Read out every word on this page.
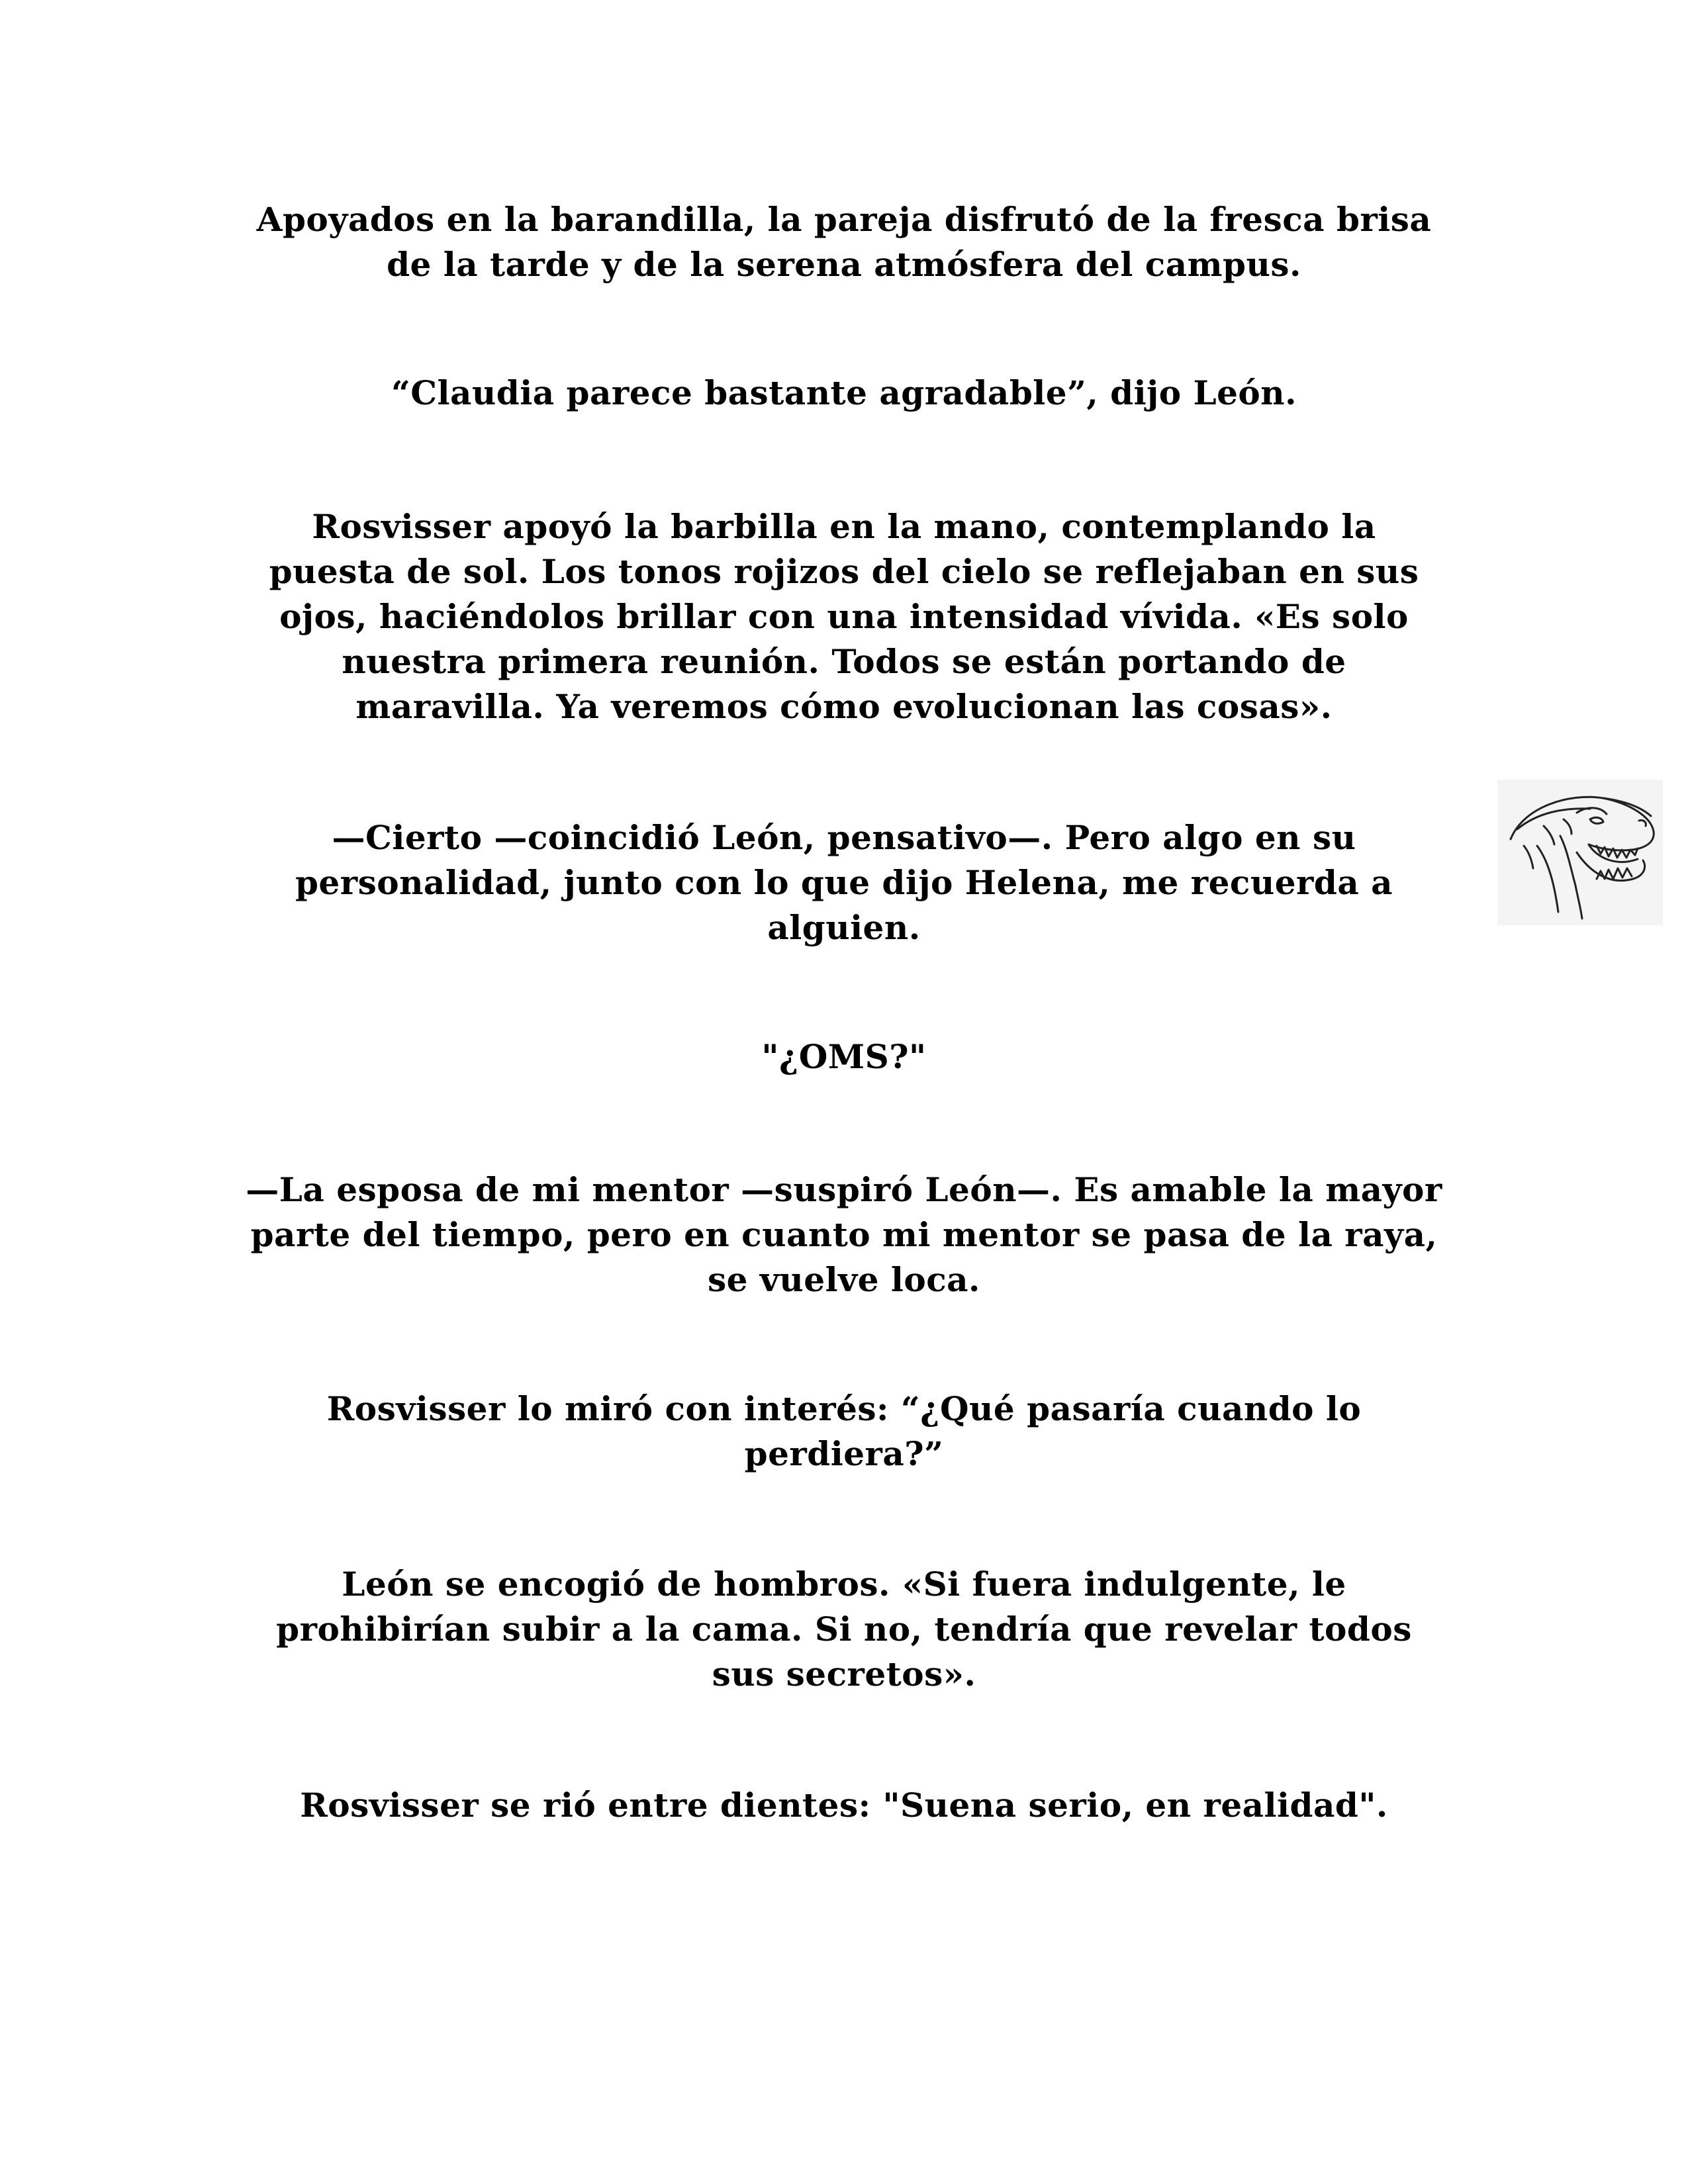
Apoyados en la barandilla, la pareja disfrutó de la fresca brisa
de la tarde y de la serena atmósfera del campus.

“Claudia parece bastante agradable”, dijo León.

Rosvisser apoyó la barbilla en la mano, contemplando la
puesta de sol. Los tonos rojizos del cielo se reflejaban en sus
ojos, haciéndolos brillar con una intensidad vívida. «Es solo
nuestra primera reunión. Todos se están portando de
maravilla. Ya veremos cómo evolucionan las cosas».

—Cierto —coincidió León, pensativo—. Pero algo en su
personalidad, junto con lo que dijo Helena, me recuerda a
alguien.

"¿OMS?"

—La esposa de mi mentor —suspiró León—. Es amable la mayor
parte del tiempo, pero en cuanto mi mentor se pasa de la raya,
se vuelve loca.

Rosvisser lo miró con interés: “¿Qué pasaría cuando lo
perdiera?”

León se encogió de hombros. «Si fuera indulgente, le
prohibirían subir a la cama. Si no, tendría que revelar todos
sus secretos».

Rosvisser se rió entre dientes: "Suena serio, en realidad".
